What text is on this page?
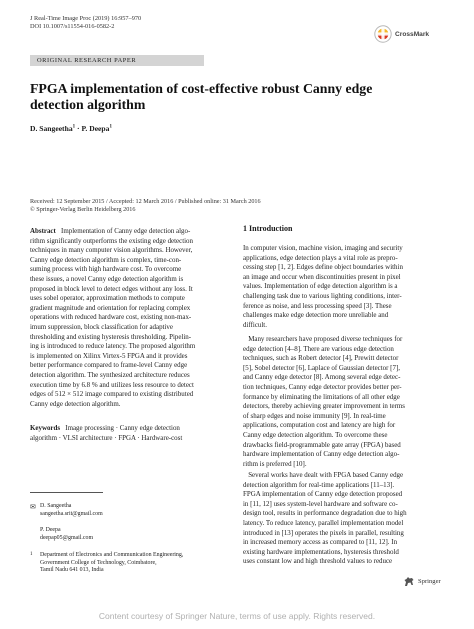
J Real-Time Image Proc (2019) 16:957–970
DOI 10.1007/s11554-016-0582-2
CrossMark
ORIGINAL RESEARCH PAPER
FPGA implementation of cost-effective robust Canny edge
detection algorithm
D. Sangeetha$^1$ · P. Deepa$^1$
Received: 12 September 2015 / Accepted: 12 March 2016 / Published online: 31 March 2016
© Springer-Verlag Berlin Heidelberg 2016
Abstract Implementation of Canny edge detection algo-
rithm significantly outperforms the existing edge detection
techniques in many computer vision algorithms. However,
Canny edge detection algorithm is complex, time-con-
suming process with high hardware cost. To overcome
these issues, a novel Canny edge detection algorithm is
proposed in block level to detect edges without any loss. It
uses sobel operator, approximation methods to compute
gradient magnitude and orientation for replacing complex
operations with reduced hardware cost, existing non-max-
imum suppression, block classification for adaptive
thresholding and existing hysteresis thresholding. Pipelin-
ing is introduced to reduce latency. The proposed algorithm
is implemented on Xilinx Virtex-5 FPGA and it provides
better performance compared to frame-level Canny edge
detection algorithm. The synthesized architecture reduces
execution time by 6.8 % and utilizes less resource to detect
edges of 512 × 512 image compared to existing distributed
Canny edge detection algorithm.
Keywords Image processing · Canny edge detection
algorithm · VLSI architecture · FPGA · Hardware-cost
✉ D. Sangeetha
sangeetha.srit@gmail.com
P. Deepa
deepap05@gmail.com
1 Department of Electronics and Communication Engineering,
Government College of Technology, Coimbatore,
Tamil Nadu 641 013, India
1 Introduction
In computer vision, machine vision, imaging and security
applications, edge detection plays a vital role as prepro-
cessing step [1, 2]. Edges define object boundaries within
an image and occur when discontinuities present in pixel
values. Implementation of edge detection algorithm is a
challenging task due to various lighting conditions, inter-
ference as noise, and less processing speed [3]. These
challenges make edge detection more unreliable and
difficult.
Many researchers have proposed diverse techniques for
edge detection [4–8]. There are various edge detection
techniques, such as Robert detector [4], Prewitt detector
[5], Sobel detector [6], Laplace of Gaussian detector [7],
and Canny edge detector [8]. Among several edge detec-
tion techniques, Canny edge detector provides better per-
formance by eliminating the limitations of all other edge
detectors, thereby achieving greater improvement in terms
of sharp edges and noise immunity [9]. In real-time
applications, computation cost and latency are high for
Canny edge detection algorithm. To overcome these
drawbacks field-programmable gate array (FPGA) based
hardware implementation of Canny edge detection algo-
rithm is preferred [10].
Several works have dealt with FPGA based Canny edge
detection algorithm for real-time applications [11–13].
FPGA implementation of Canny edge detection proposed
in [11, 12] uses system-level hardware and software co-
design tool, results in performance degradation due to high
latency. To reduce latency, parallel implementation model
introduced in [13] operates the pixels in parallel, resulting
in increased memory access as compared to [11, 12]. In
existing hardware implementations, hysteresis threshold
uses constant low and high threshold values to reduce
Springer
Content courtesy of Springer Nature, terms of use apply. Rights reserved.
